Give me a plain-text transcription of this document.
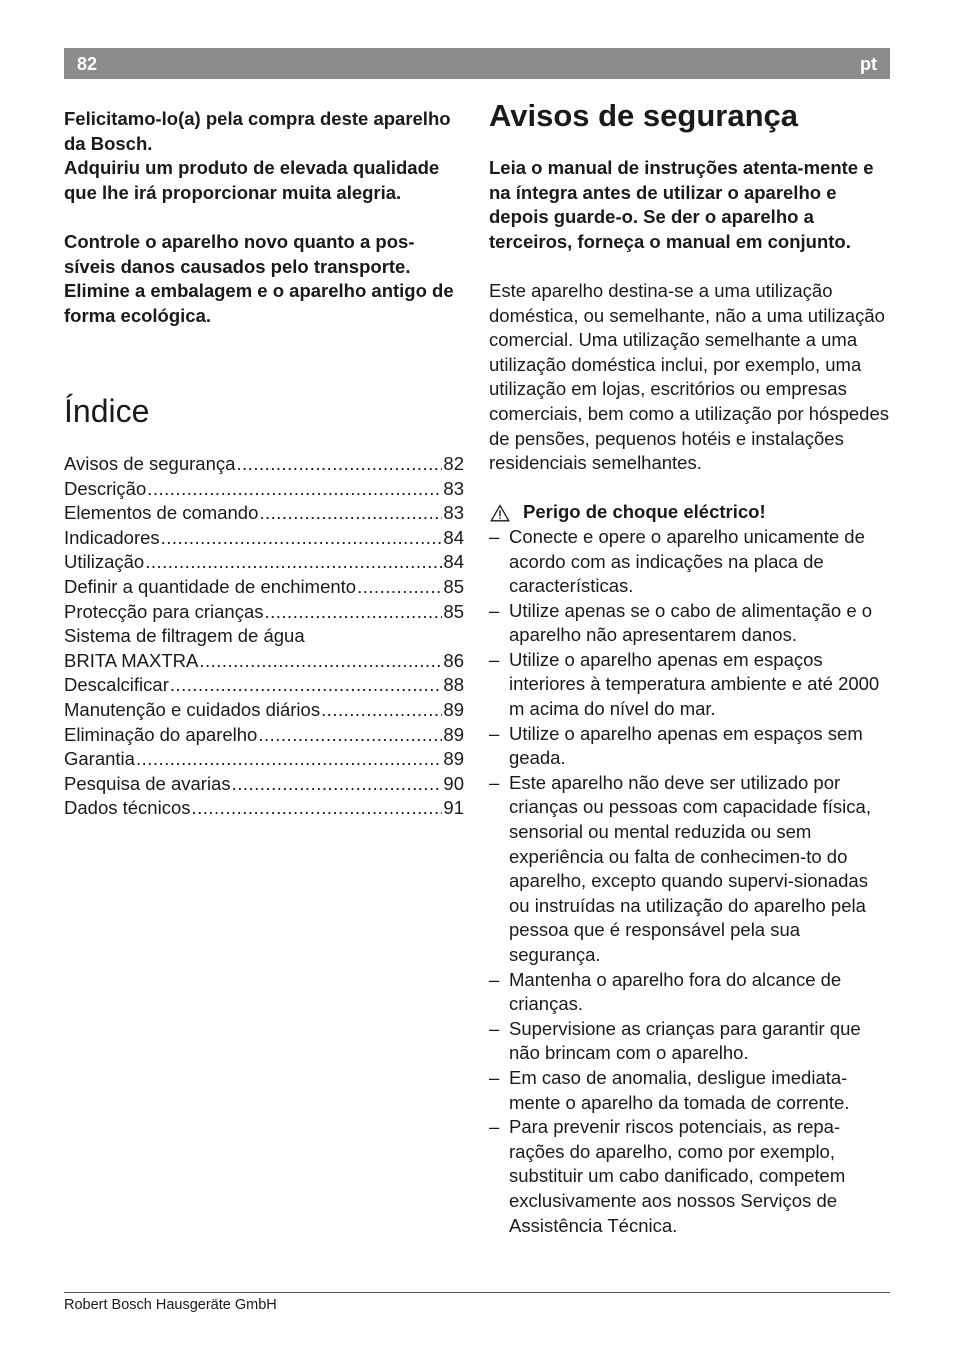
82	pt

Felicitamo-lo(a) pela compra deste aparelho da Bosch.

Adquiriu um produto de elevada qualidade que lhe irá proporcionar muita alegria.

Controle o aparelho novo quanto a pos-síveis danos causados pelo transporte. Elimine a embalagem e o aparelho antigo de forma ecológica.

Índice
Avisos de segurança .....	82
Descrição .....	83
Elementos de comando .....	83
Indicadores .....	84
Utilização .....	84
Definir a quantidade de enchimento .....	85
Protecção para crianças .....	85
Sistema de filtragem de água
BRITA MAXTRA .....	86
Descalcificar .....	88
Manutenção e cuidados diários .....	89
Eliminação do aparelho .....	89
Garantia .....	89
Pesquisa de avarias .....	90
Dados técnicos .....	91
Avisos de segurança

Leia o manual de instruções atenta-mente e na íntegra antes de utilizar o aparelho e depois guarde-o. Se der o aparelho a terceiros, forneça o manual em conjunto.

Este aparelho destina-se a uma utilização doméstica, ou semelhante, não a uma utilização comercial. Uma utilização semelhante a uma utilização doméstica inclui, por exemplo, uma utilização em lojas, escritórios ou empresas comerciais, bem como a utilização por hóspedes de pensões, pequenos hotéis e instalações residenciais semelhantes.

Perigo de choque eléctrico!

– Conecte e opere o aparelho unicamente de acordo com as indicações na placa de características.
– Utilize apenas se o cabo de alimentação e o aparelho não apresentarem danos.
– Utilize o aparelho apenas em espaços interiores à temperatura ambiente e até 2000 m acima do nível do mar.
– Utilize o aparelho apenas em espaços sem geada.
– Este aparelho não deve ser utilizado por crianças ou pessoas com capacidade física, sensorial ou mental reduzida ou sem experiência ou falta de conhecimen-to do aparelho, excepto quando supervi-sionadas ou instruídas na utilização do aparelho pela pessoa que é responsável pela sua segurança.
– Mantenha o aparelho fora do alcance de crianças.
– Supervisione as crianças para garantir que não brincam com o aparelho.
– Em caso de anomalia, desligue imediata-mente o aparelho da tomada de corrente.
– Para prevenir riscos potenciais, as repa-rações do aparelho, como por exemplo, substituir um cabo danificado, competem exclusivamente aos nossos Serviços de Assistência Técnica.
Robert Bosch Hausgeräte GmbH
